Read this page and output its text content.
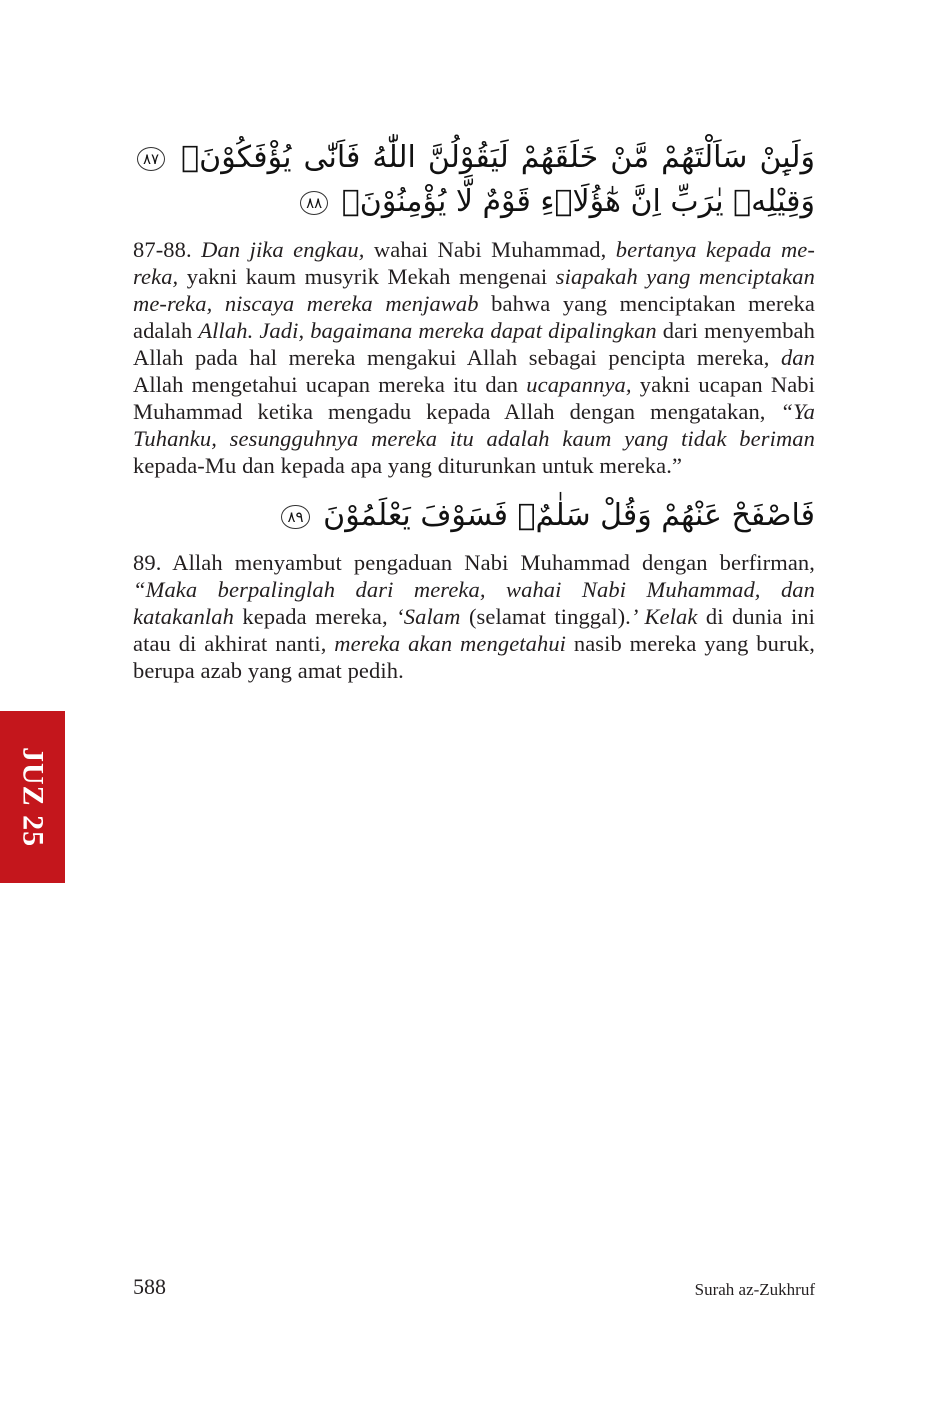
وَلَىِٕنْ سَاَلْتَهُمْ مَّنْ خَلَقَهُمْ لَيَقُوْلُنَّ اللّٰهُ فَاَنّٰى يُؤْفَكُوْنَۙ ٨٧ وَقِيْلِهٖ يٰرَبِّ اِنَّ هٰٓؤُلَاۤءِ قَوْمٌ لَّا يُؤْمِنُوْنَۘ ٨٨

87-88. Dan jika engkau, wahai Nabi Muhammad, bertanya kepada me-reka, yakni kaum musyrik Mekah mengenai siapakah yang menciptakan me-reka, niscaya mereka menjawab bahwa yang menciptakan mereka adalah Allah. Jadi, bagaimana mereka dapat dipalingkan dari menyembah Allah pada hal mereka mengakui Allah sebagai pencipta mereka, dan Allah mengetahui ucapan mereka itu dan ucapannya, yakni ucapan Nabi Muhammad ketika mengadu kepada Allah dengan mengatakan, “Ya Tuhanku, sesungguhnya mereka itu adalah kaum yang tidak beriman kepada-Mu dan kepada apa yang diturunkan untuk mereka.”

فَاصْفَحْ عَنْهُمْ وَقُلْ سَلٰمٌۗ فَسَوْفَ يَعْلَمُوْنَ ٨٩

89. Allah menyambut pengaduan Nabi Muhammad dengan berfirman, “Maka berpalinglah dari mereka, wahai Nabi Muhammad, dan katakanlah kepada mereka, ‘Salam (selamat tinggal).’ Kelak di dunia ini atau di akhirat nanti, mereka akan mengetahui nasib mereka yang buruk, berupa azab yang amat pedih.

JUZ 25
588	Surah az-Zukhruf
